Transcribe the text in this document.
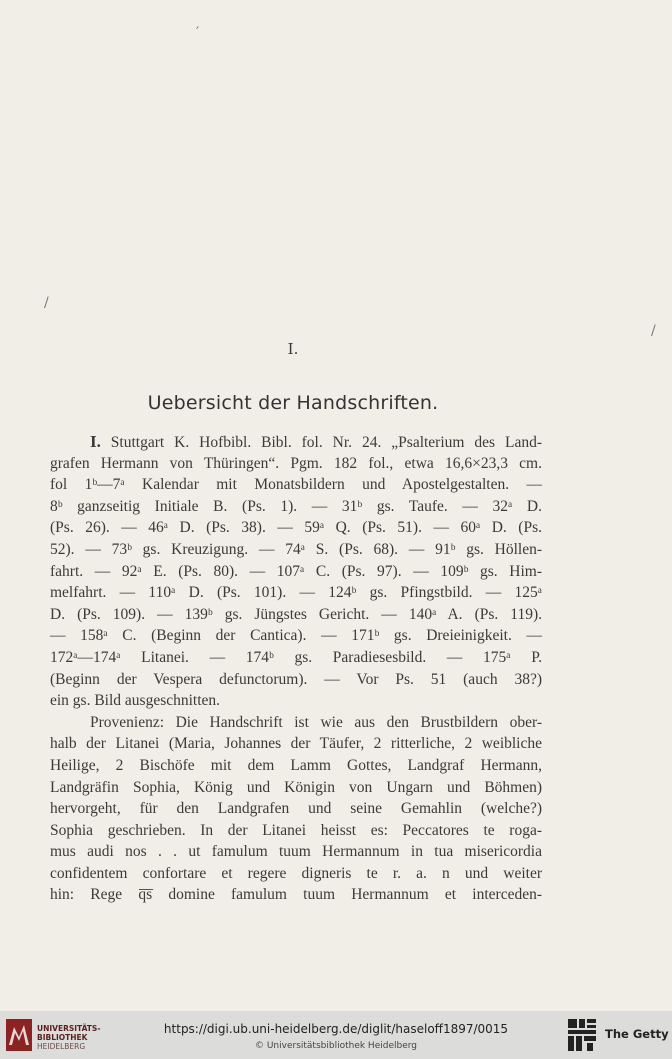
′
/
/
I.
Uebersicht der Handschriften.
I. Stuttgart K. Hofbibl. Bibl. fol. Nr. 24. „Psalterium des Land-
grafen Hermann von Thüringen“. Pgm. 182 fol., etwa 16,6×23,3 cm.
fol 1ᵇ—7ᵃ Kalendar mit Monatsbildern und Apostelgestalten. —
8ᵇ ganzseitig Initiale B. (Ps. 1). — 31ᵇ gs. Taufe. — 32ᵃ D.
(Ps. 26). — 46ᵃ D. (Ps. 38). — 59ᵃ Q. (Ps. 51). — 60ᵃ D. (Ps.
52). — 73ᵇ gs. Kreuzigung. — 74ᵃ S. (Ps. 68). — 91ᵇ gs. Höllen-
fahrt. — 92ᵃ E. (Ps. 80). — 107ᵃ C. (Ps. 97). — 109ᵇ gs. Him-
melfahrt. — 110ᵃ D. (Ps. 101). — 124ᵇ gs. Pfingstbild. — 125ᵃ
D. (Ps. 109). — 139ᵇ gs. Jüngstes Gericht. — 140ᵃ A. (Ps. 119).
— 158ᵃ C. (Beginn der Cantica). — 171ᵇ gs. Dreieinigkeit. —
172ᵃ—174ᵃ Litanei. — 174ᵇ gs. Paradiesesbild. — 175ᵃ P.
(Beginn der Vespera defunctorum). — Vor Ps. 51 (auch 38?)
ein gs. Bild ausgeschnitten.
Provenienz: Die Handschrift ist wie aus den Brustbildern ober-
halb der Litanei (Maria, Johannes der Täufer, 2 ritterliche, 2 weibliche
Heilige, 2 Bischöfe mit dem Lamm Gottes, Landgraf Hermann,
Landgräfin Sophia, König und Königin von Ungarn und Böhmen)
hervorgeht, für den Landgrafen und seine Gemahlin (welche?)
Sophia geschrieben. In der Litanei heisst es: Peccatores te roga-
mus audi nos . . ut famulum tuum Hermannum in tua misericordia
confidentem confortare et regere digneris te r. a. n und weiter
hin: Rege q̅s̅ domine famulum tuum Hermannum et interceden-
UNIVERSITÄTS-
BIBLIOTHEK
HEIDELBERG
https://digi.ub.uni-heidelberg.de/diglit/haseloff1897/0015
© Universitätsbibliothek Heidelberg
The Getty
